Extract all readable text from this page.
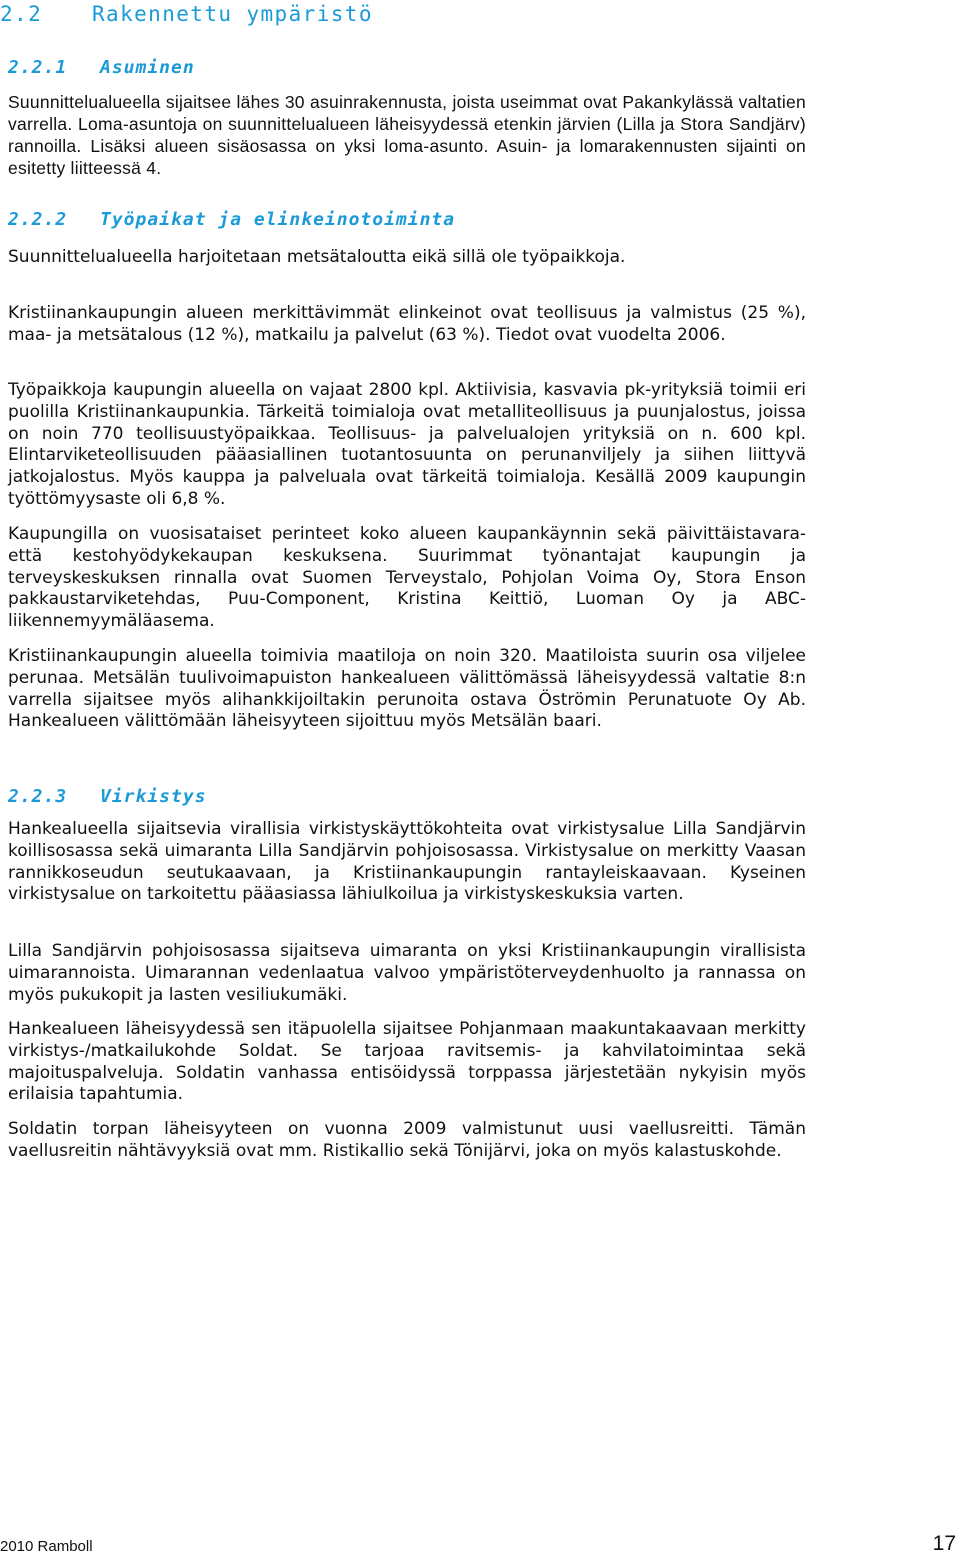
2.2 Rakennettu ympäristö
2.2.1 Asuminen

Suunnittelualueella sijaitsee lähes 30 asuinrakennusta, joista useimmat ovat Pakankylässä valtatien varrella. Loma-asuntoja on suunnittelualueen läheisyydessä etenkin järvien (Lilla ja Stora Sandjärv) rannoilla. Lisäksi alueen sisäosassa on yksi loma-asunto. Asuin- ja lomarakennusten sijainti on esitetty liitteessä 4.

2.2.2 Työpaikat ja elinkeinotoiminta

Suunnittelualueella harjoitetaan metsätaloutta eikä sillä ole työpaikkoja.

Kristiinankaupungin alueen merkittävimmät elinkeinot ovat teollisuus ja valmistus (25 %), maa- ja metsätalous (12 %), matkailu ja palvelut (63 %). Tiedot ovat vuodelta 2006.

Työpaikkoja kaupungin alueella on vajaat 2800 kpl. Aktiivisia, kasvavia pk-yrityksiä toimii eri puolilla Kristiinankaupunkia. Tärkeitä toimialoja ovat metalliteollisuus ja puunjalostus, joissa on noin 770 teollisuustyöpaikkaa. Teollisuus- ja palvelualojen yrityksiä on n. 600 kpl. Elintarviketeollisuuden pääasiallinen tuotantosuunta on perunanviljely ja siihen liittyvä jatkojalostus. Myös kauppa ja palveluala ovat tärkeitä toimialoja. Kesällä 2009 kaupungin työttömyysaste oli 6,8 %.

Kaupungilla on vuosisataiset perinteet koko alueen kaupankäynnin sekä päivittäistavara- että kestohyödykekaupan keskuksena. Suurimmat työnantajat kaupungin ja terveyskeskuksen rinnalla ovat Suomen Terveystalo, Pohjolan Voima Oy, Stora Enson pakkaustarviketehdas, Puu-Component, Kristina Keittiö, Luoman Oy ja ABC-liikennemyymäläasema.

Kristiinankaupungin alueella toimivia maatiloja on noin 320. Maatiloista suurin osa viljelee perunaa. Metsälän tuulivoimapuiston hankealueen välittömässä läheisyydessä valtatie 8:n varrella sijaitsee myös alihankkijoiltakin perunoita ostava Öströmin Perunatuote Oy Ab. Hankealueen välittömään läheisyyteen sijoittuu myös Metsälän baari.

2.2.3 Virkistys

Hankealueella sijaitsevia virallisia virkistyskäyttökohteita ovat virkistysalue Lilla Sandjärvin koillisosassa sekä uimaranta Lilla Sandjärvin pohjoisosassa. Virkistysalue on merkitty Vaasan rannikkoseudun seutukaavaan, ja Kristiinankaupungin rantayleiskaavaan. Kyseinen virkistysalue on tarkoitettu pääasiassa lähiulkoilua ja virkistyskeskuksia varten.

Lilla Sandjärvin pohjoisosassa sijaitseva uimaranta on yksi Kristiinankaupungin virallisista uimarannoista. Uimarannan vedenlaatua valvoo ympäristöterveydenhuolto ja rannassa on myös pukukopit ja lasten vesiliukumäki.

Hankealueen läheisyydessä sen itäpuolella sijaitsee Pohjanmaan maakuntakaavaan merkitty virkistys-/matkailukohde Soldat. Se tarjoaa ravitsemis- ja kahvilatoimintaa sekä majoituspalveluja. Soldatin vanhassa entisöidyssä torppassa järjestetään nykyisin myös erilaisia tapahtumia.

Soldatin torpan läheisyyteen on vuonna 2009 valmistunut uusi vaellusreitti. Tämän vaellusreitin nähtävyyksiä ovat mm. Ristikallio sekä Tönijärvi, joka on myös kalastuskohde.

2010 Ramboll	17
